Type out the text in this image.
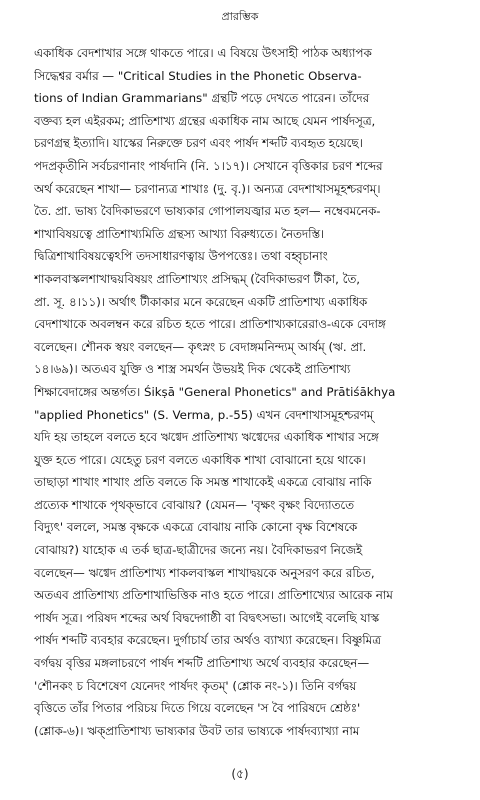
প্রারম্ভিক
একাধিক বেদশাখার সঙ্গে থাকতে পারে। এ বিষয়ে উৎসাহী পাঠক অধ্যাপক
সিদ্ধেশ্বর বর্মার — "Critical Studies in the Phonetic Observa-
tions of Indian Grammarians" গ্রন্থটি পড়ে দেখতে পারেন। তাঁদের
বক্তব্য হল এইরকম; প্রাতিশাখ্য গ্রন্থের একাধিক নাম আছে যেমন পার্ষদসূত্র,
চরণগ্রন্থ ইত্যাদি। যাস্কের নিরুক্তে চরণ এবং পার্ষদ শব্দটি ব্যবহৃত হয়েছে।
পদপ্রকৃতীনি সর্বচরণানাং পার্ষদানি (নি. ১।১৭)। সেখানে বৃত্তিকার চরণ শব্দের
অর্থ করেছেন শাখা— চরণান্যত্র শাখাঃ (দু. বৃ.)। অন্যত্র বেদশাখাসমূহশ্চরণম্।
তৈ. প্রা. ভাষ্য বৈদিকাভরণে ভাষ্যকার গোপালযজ্বার মত হল— নম্বেবমনেক-
শাখাবিষয়ত্বে প্রাতিশাখ্যমিতি গ্রন্থস্য আখ্যা বিরুধ্যতে। নৈতদস্তি।
দ্বিত্রিশাখাবিষয়ত্বেঽপি তদসাধারণত্বায় উপপত্তেঃ। তথা বহ্বৃচানাং
শাকলবাস্কলশাখাদ্বয়বিষয়ং প্রাতিশাখ্যং প্রসিদ্ধম্ (বৈদিকাভরণ টীকা, তৈ,
প্রা. সূ. ৪।১১)। অর্থাৎ টীকাকার মনে করেছেন একটি প্রাতিশাখ্য একাধিক
বেদশাখাকে অবলম্বন করে রচিত হতে পারে। প্রাতিশাখ্যকারেরাও-একে বেদাঙ্গ
বলেছেন। শৌনক স্বয়ং বলছেন— কৃৎস্নং চ বেদাঙ্গমনিন্দ্যম্ আর্ষম্ (ঋ. প্রা.
১৪।৬৯)। অতএব যুক্তি ও শাস্ত্র সমর্থন উভয়ই দিক থেকেই প্রাতিশাখ্য
শিক্ষাবেদাঙ্গের অন্তর্গত। Śikṣā "General Phonetics" and Prātiśākhya
"applied Phonetics" (S. Verma, p.-55) এখন বেদশাখাসমূহশ্চরণম্
যদি হয় তাহলে বলতে হবে ঋগ্বেদ প্রাতিশাখ্য ঋগ্বেদের একাধিক শাখার সঙ্গে
যুক্ত হতে পারে। যেহেতু চরণ বলতে একাধিক শাখা বোঝানো হয়ে থাকে।
তাছাড়া শাখাং শাখাং প্রতি বলতে কি সমস্ত শাখাকেই একত্রে বোঝায় নাকি
প্রত্যেক শাখাকে পৃথক্ভাবে বোঝায়? (যেমন— 'বৃক্ষং বৃক্ষং বিদ্যোততে
বিদ্যুৎ' বললে, সমস্ত বৃক্ষকে একত্রে বোঝায় নাকি কোনো বৃক্ষ বিশেষকে
বোঝায়?) যাহোক এ তর্ক ছাত্র-ছাত্রীদের জন্যে নয়। বৈদিকাভরণ নিজেই
বলেছেন— ঋগ্বেদ প্রাতিশাখ্য শাকলবাস্কল শাখাদ্বয়কে অনুসরণ করে রচিত,
অতএব প্রাতিশাখ্য প্রতিশাখাভিত্তিক নাও হতে পারে। প্রাতিশাখ্যের আরেক নাম
পার্ষদ সূত্র। পরিষদ শব্দের অর্থ বিদ্বদ্গোষ্ঠী বা বিদ্বৎসভা। আগেই বলেছি যাস্ক
পার্ষদ শব্দটি ব্যবহার করেছেন। দুর্গাচার্য তার অর্থও ব্যাখ্যা করেছেন। বিষ্ণুমিত্র
বর্গদ্বয় বৃত্তির মঙ্গলাচরণে পার্ষদ শব্দটি প্রাতিশাখ্য অর্থে ব্যবহার করেছেন—
'শৌনকং চ বিশেষেণ যেনেদং পার্ষদং কৃতম্' (শ্লোক নং-১)। তিনি বর্গদ্বয়
বৃত্তিতে তাঁর পিতার পরিচয় দিতে গিয়ে বলেছেন 'স বৈ পারিষদে শ্রেষ্ঠঃ'
(শ্লোক-৬)। ঋক্প্রাতিশাখ্য ভাষ্যকার উবট তার ভাষ্যকে পার্ষদব্যাখ্যা নাম
(৫)
